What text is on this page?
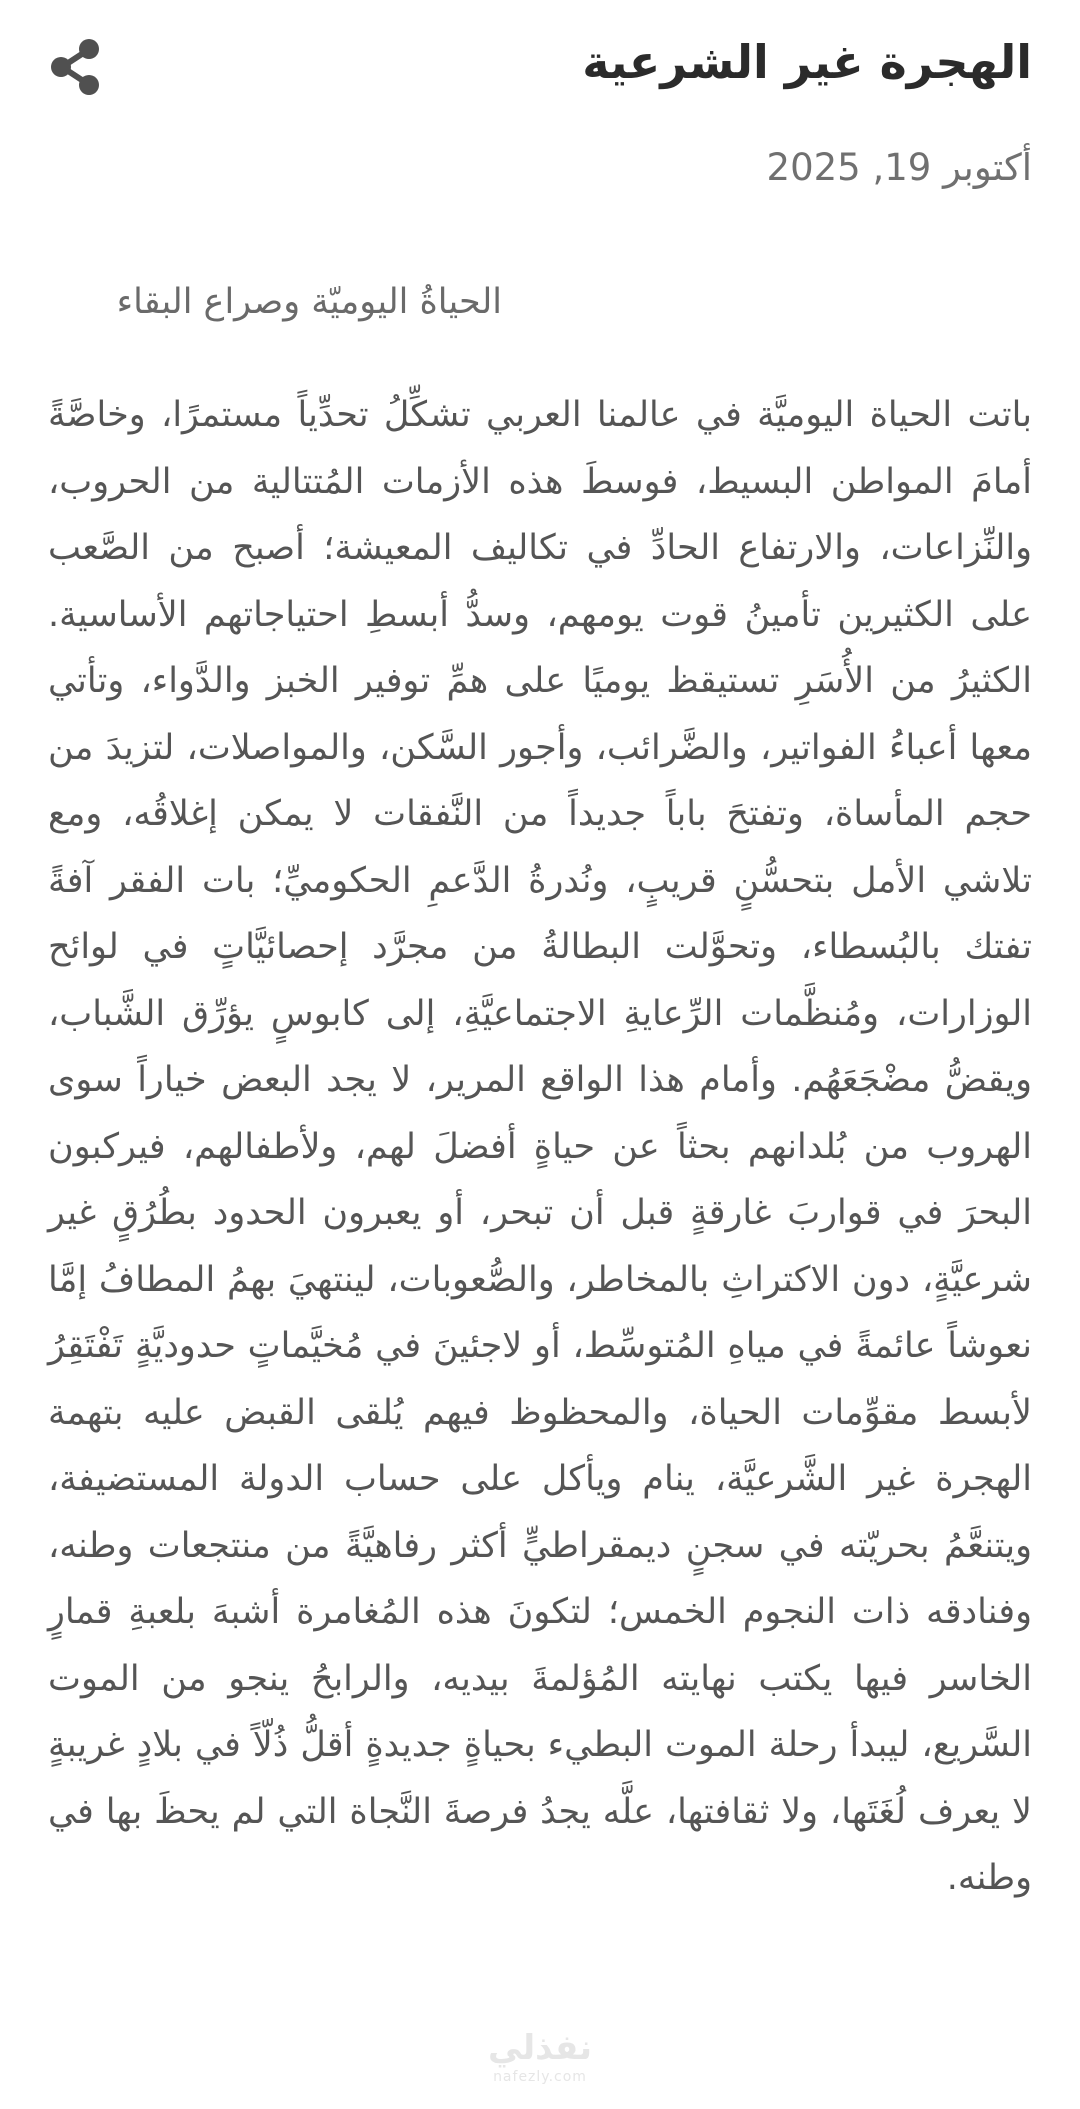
الهجرة غير الشرعية
أكتوبر 19, 2025
الحياةُ اليوميّة وصراع البقاء
باتت الحياة اليوميَّة في عالمنا العربي تشكِّلُ تحدِّياً مستمرًا، وخاصَّةً أمامَ المواطن البسيط، فوسطَ هذه الأزمات المُتتالية من الحروب، والنِّزاعات، والارتفاع الحادِّ في تكاليف المعيشة؛ أصبح من الصَّعب على الكثيرين تأمينُ قوت يومهم، وسدُّ أبسطِ احتياجاتهم الأساسية. الكثيرُ من الأُسَرِ تستيقظ يوميًا على همِّ توفير الخبز والدَّواء، وتأتي معها أعباءُ الفواتير، والضَّرائب، وأجور السَّكن، والمواصلات، لتزيدَ من حجم المأساة، وتفتحَ باباً جديداً من النَّفقات لا يمكن إغلاقُه، ومع تلاشي الأمل بتحسُّنٍ قريبٍ، ونُدرةُ الدَّعمِ الحكوميِّ؛ بات الفقر آفةً تفتك بالبُسطاء، وتحوَّلت البطالةُ من مجرَّد إحصائيَّاتٍ في لوائح الوزارات، ومُنظَّمات الرِّعايةِ الاجتماعيَّةِ، إلى كابوسٍ يؤرِّق الشَّباب، ويقضُّ مضْجَعَهُم. وأمام هذا الواقع المرير، لا يجد البعض خياراً سوى الهروب من بُلدانهم بحثاً عن حياةٍ أفضلَ لهم، ولأطفالهم، فيركبون البحرَ في قواربَ غارقةٍ قبل أن تبحر، أو يعبرون الحدود بطُرُقٍ غير شرعيَّةٍ، دون الاكتراثِ بالمخاطر، والصُّعوبات، لينتهيَ بهمُ المطافُ إمَّا نعوشاً عائمةً في مياهِ المُتوسِّط، أو لاجئينَ في مُخيَّماتٍ حدوديَّةٍ تَفْتَقِرُ لأبسط مقوِّمات الحياة، والمحظوظ فيهم يُلقى القبض عليه بتهمة الهجرة غير الشَّرعيَّة، ينام ويأكل على حساب الدولة المستضيفة، ويتنعَّمُ بحريّته في سجنٍ ديمقراطيٍّ أكثر رفاهيَّةً من منتجعات وطنه، وفنادقه ذات النجوم الخمس؛ لتكونَ هذه المُغامرة أشبهَ بلعبةِ قمارٍ الخاسر فيها يكتب نهايته المُؤلمةَ بيديه، والرابحُ ينجو من الموت السَّريع، ليبدأ رحلة الموت البطيء بحياةٍ جديدةٍ أقلُّ ذُلّاً في بلادٍ غريبةٍ لا يعرف لُغَتَها، ولا ثقافتها، علَّه يجدُ فرصةَ النَّجاة التي لم يحظَ بها في وطنه.
نفذلي
nafezly.com
